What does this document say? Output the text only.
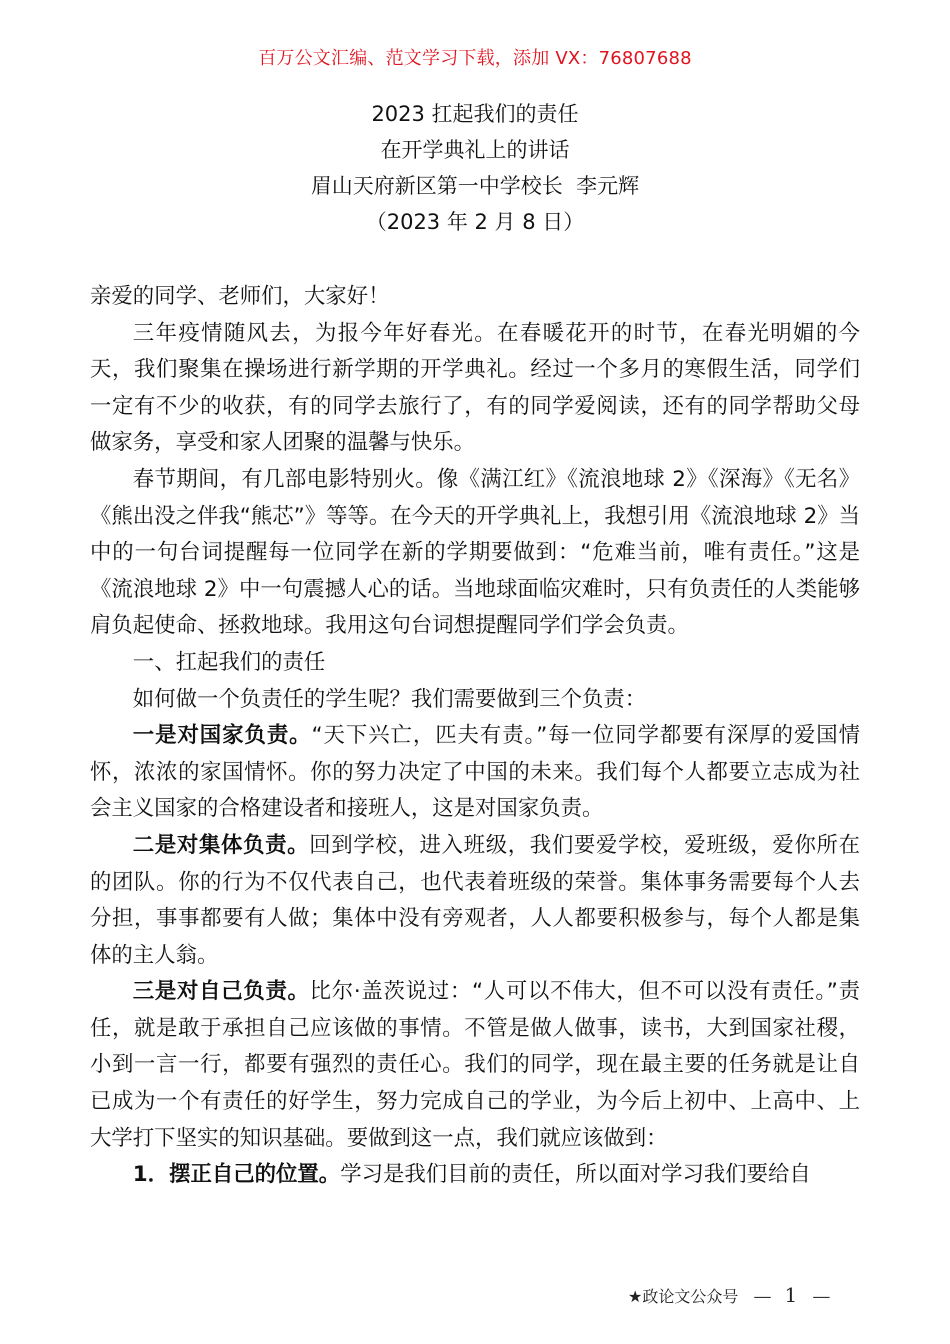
百万公文汇编、范文学习下载，添加 VX：76807688
2023 扛起我们的责任
在开学典礼上的讲话
眉山天府新区第一中学校长  李元辉
（2023 年 2 月 8 日）

亲爱的同学、老师们，大家好！

三年疫情随风去，为报今年好春光。在春暖花开的时节，在春光明媚的今天，我们聚集在操场进行新学期的开学典礼。经过一个多月的寒假生活，同学们一定有不少的收获，有的同学去旅行了，有的同学爱阅读，还有的同学帮助父母做家务，享受和家人团聚的温馨与快乐。

春节期间，有几部电影特别火。像《满江红》《流浪地球 2》《深海》《无名》《熊出没之伴我“熊芯”》等等。在今天的开学典礼上，我想引用《流浪地球 2》当中的一句台词提醒每一位同学在新的学期要做到：“危难当前，唯有责任。”这是《流浪地球 2》中一句震撼人心的话。当地球面临灾难时，只有负责任的人类能够肩负起使命、拯救地球。我用这句台词想提醒同学们学会负责。

一、扛起我们的责任

如何做一个负责任的学生呢？我们需要做到三个负责：

一是对国家负责。“天下兴亡，匹夫有责。”每一位同学都要有深厚的爱国情怀，浓浓的家国情怀。你的努力决定了中国的未来。我们每个人都要立志成为社会主义国家的合格建设者和接班人，这是对国家负责。

二是对集体负责。回到学校，进入班级，我们要爱学校，爱班级，爱你所在的团队。你的行为不仅代表自己，也代表着班级的荣誉。集体事务需要每个人去分担，事事都要有人做；集体中没有旁观者，人人都要积极参与，每个人都是集体的主人翁。

三是对自己负责。比尔·盖茨说过：“人可以不伟大，但不可以没有责任。”责任，就是敢于承担自己应该做的事情。不管是做人做事，读书，大到国家社稷，小到一言一行，都要有强烈的责任心。我们的同学，现在最主要的任务就是让自已成为一个有责任的好学生，努力完成自己的学业，为今后上初中、上高中、上大学打下坚实的知识基础。要做到这一点，我们就应该做到：

1．摆正自己的位置。学习是我们目前的责任，所以面对学习我们要给自

★政论文公众号 — 1 —
